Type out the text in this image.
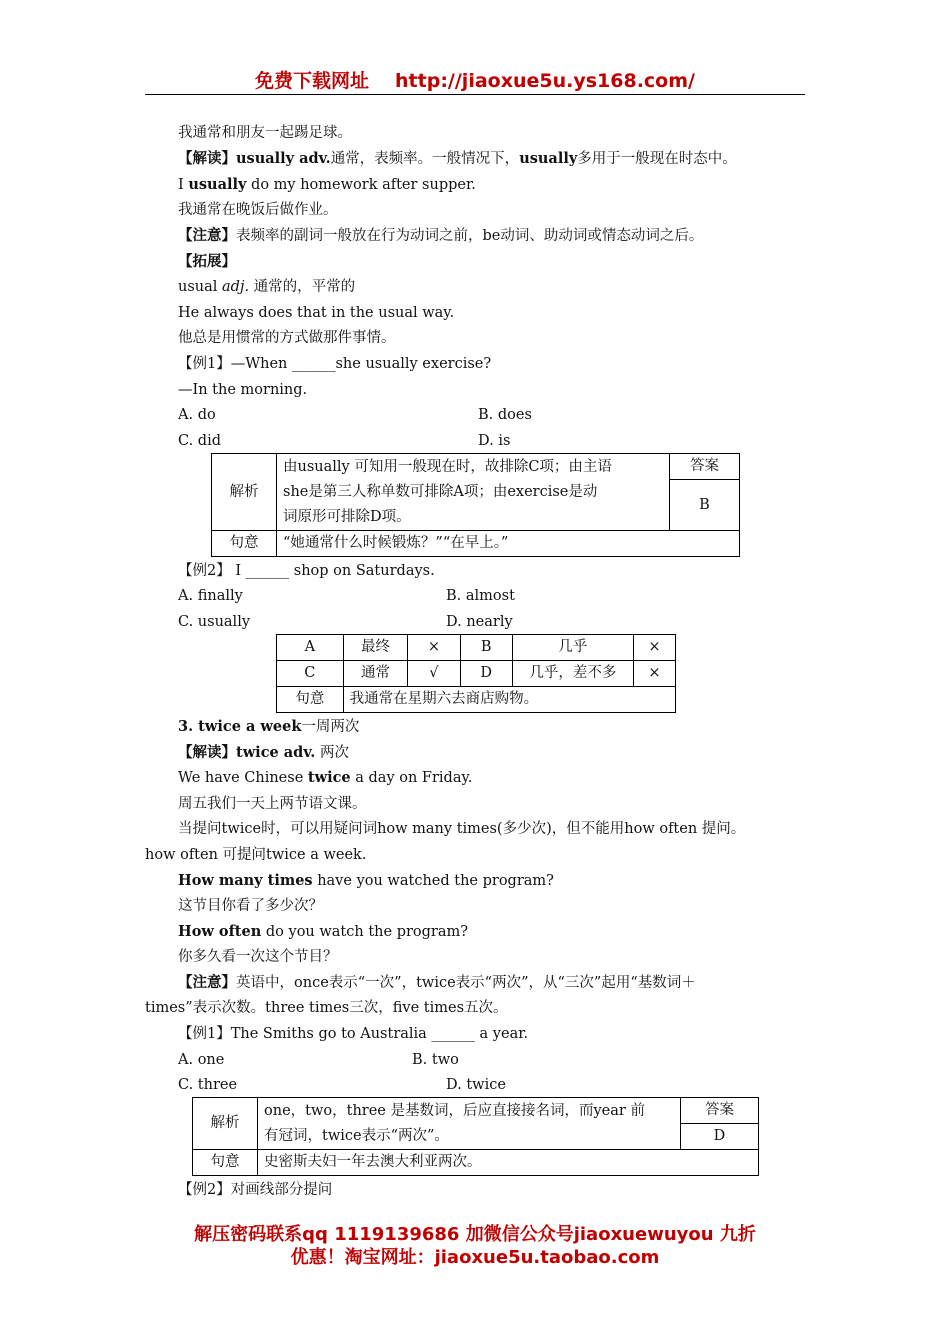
免费下载网址 http://jiaoxue5u.ys168.com/
我通常和朋友一起踢足球。
【解读】usually adv.通常，表频率。一般情况下，usually多用于一般现在时态中。
I usually do my homework after supper.
我通常在晚饭后做作业。
【注意】表频率的副词一般放在行为动词之前，be动词、助动词或情态动词之后。
【拓展】
usual adj. 通常的，平常的
He always does that in the usual way.
他总是用惯常的方式做那件事情。
【例1】—When ______she usually exercise?
—In the morning.
A. do	B. does
C. did	D. is
解析	由usually 可知用一般现在时，故排除C项；由主语
she是第三人称单数可排除A项；由exercise是动
词原形可排除D项。	答案
		B
句意	“她通常什么时候锻炼？”“在早上。”	
【例2】 I ______ shop on Saturdays.
A. finally	B. almost
C. usually	D. nearly
A	最终	×	B	几乎	×
C	通常	√	D	几乎，差不多	×
句意	我通常在星期六去商店购物。				
3. twice a week一周两次
【解读】twice adv. 两次
We have Chinese twice a day on Friday.
周五我们一天上两节语文课。
当提问twice时，可以用疑问词how many times(多少次)，但不能用how often 提问。
how often 可提问twice a week.
How many times have you watched the program?
这节目你看了多少次？
How often do you watch the program?
你多久看一次这个节目？
【注意】英语中，once表示“一次”，twice表示“两次”，从“三次”起用“基数词＋
times”表示次数。three times三次，five times五次。
【例1】The Smiths go to Australia ______ a year.
A. one	B. two
C. three	D. twice
解析	one，two，three 是基数词，后应直接接名词，而year 前
有冠词，twice表示“两次”。	答案
		D
句意	史密斯夫妇一年去澳大利亚两次。	
【例2】对画线部分提问
解压密码联系qq 1119139686 加微信公众号jiaoxuewuyou 九折
优惠！淘宝网址：jiaoxue5u.taobao.com
